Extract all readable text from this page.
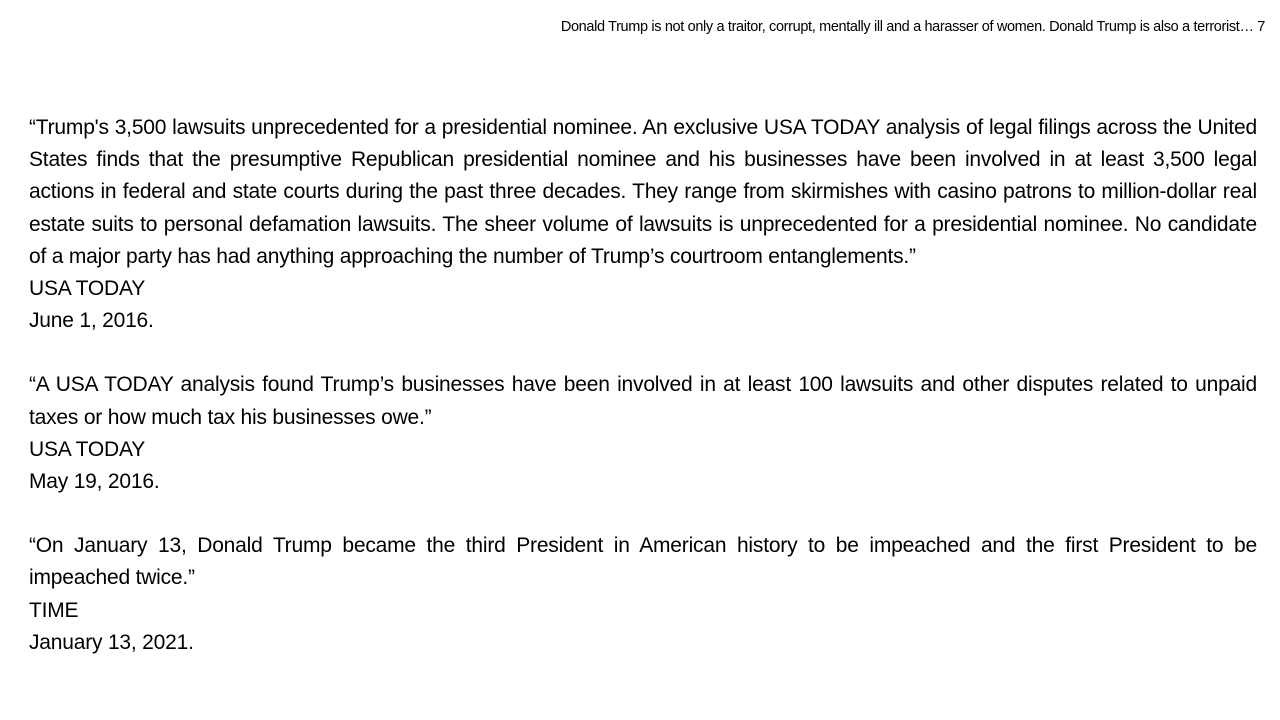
Donald Trump is not only a traitor, corrupt, mentally ill and a harasser of women. Donald Trump is also a terrorist… 7

“Trump's 3,500 lawsuits unprecedented for a presidential nominee. An exclusive USA TODAY analysis of legal filings across the United States finds that the presumptive Republican presidential nominee and his businesses have been involved in at least 3,500 legal actions in federal and state courts during the past three decades. They range from skirmishes with casino patrons to million-dollar real estate suits to personal defamation lawsuits. The sheer volume of lawsuits is unprecedented for a presidential nominee. No candidate of a major party has had anything approaching the number of Trump’s courtroom entanglements.”

USA TODAY

June 1, 2016.

“A USA TODAY analysis found Trump’s businesses have been involved in at least 100 lawsuits and other disputes related to unpaid taxes or how much tax his businesses owe.”

USA TODAY

May 19, 2016.

“On January 13, Donald Trump became the third President in American history to be impeached and the first President to be impeached twice.”

TIME

January 13, 2021.
